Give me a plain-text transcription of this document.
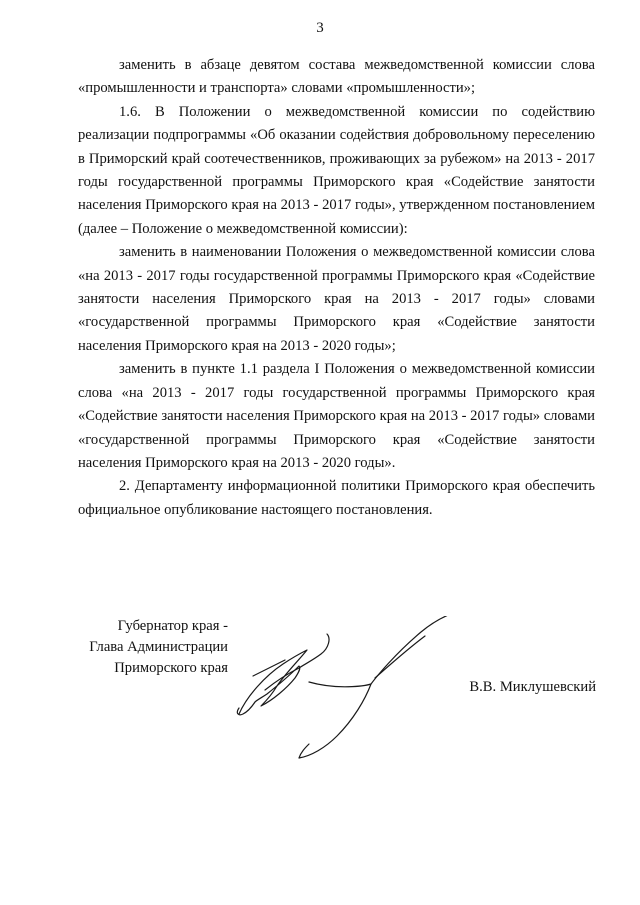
3

заменить в абзаце девятом состава межведомственной комиссии слова «промышленности и транспорта» словами «промышленности»;

1.6. В Положении о межведомственной комиссии по содействию реализации подпрограммы «Об оказании содействия добровольному переселению в Приморский край соотечественников, проживающих за рубежом» на 2013 - 2017 годы государственной программы Приморского края «Содействие занятости населения Приморского края на 2013 - 2017 годы», утвержденном постановлением (далее – Положение о межведомственной комиссии):

заменить в наименовании Положения о межведомственной комиссии слова «на 2013 - 2017 годы государственной программы Приморского края «Содействие занятости населения Приморского края на 2013 - 2017 годы» словами «государственной программы Приморского края «Содействие занятости населения Приморского края на 2013 - 2020 годы»;

заменить в пункте 1.1 раздела I Положения о межведомственной комиссии слова «на 2013 - 2017 годы государственной программы Приморского края «Содействие занятости населения Приморского края на 2013 - 2017 годы» словами «государственной программы Приморского края «Содействие занятости населения Приморского края на 2013 - 2020 годы».

2. Департаменту информационной политики Приморского края обеспечить официальное опубликование настоящего постановления.

Губернатор края -
Глава Администрации
Приморского края
В.В. Миклушевский
